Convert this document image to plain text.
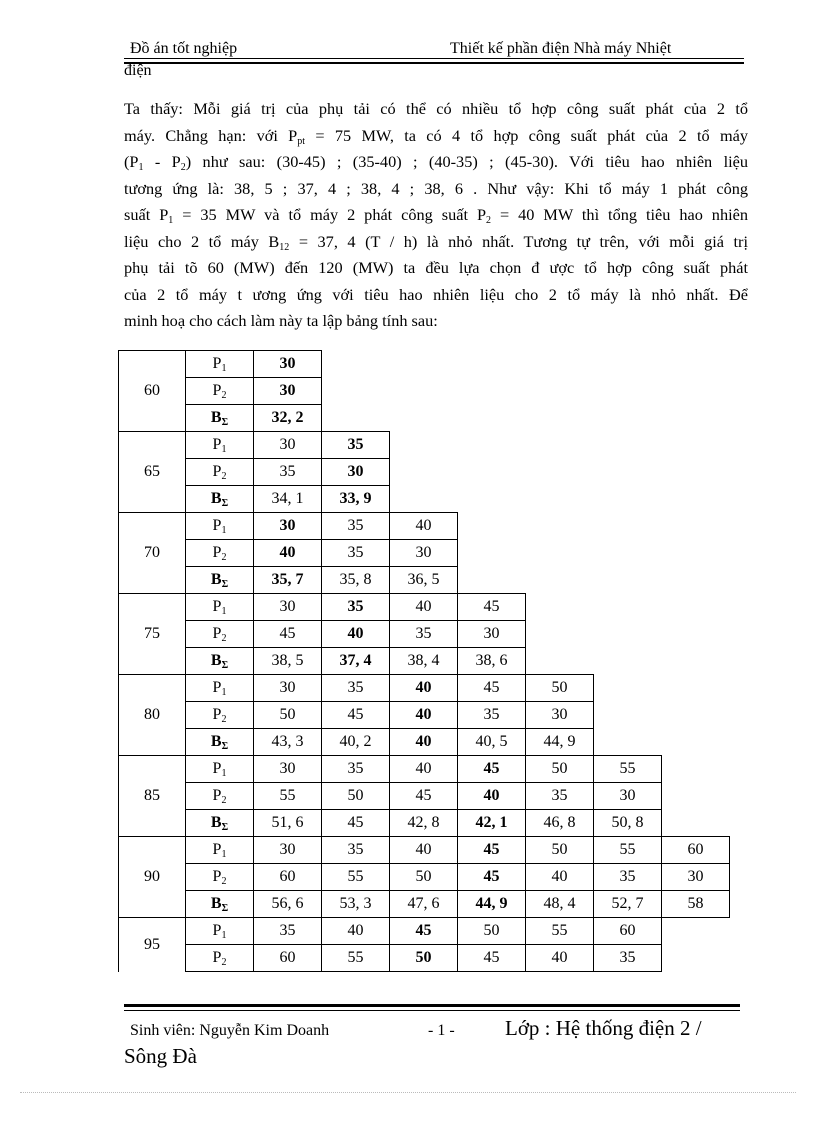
Đồ án tốt nghiệp	Thiết kế phần điện Nhà máy Nhiệt
điện
Ta thấy: Mỗi giá trị của phụ tải có thể có nhiều tổ hợp công suất phát của 2 tổ
máy. Chẳng hạn: với $P_{pt} = 75$ MW, ta có 4 tổ hợp công suất phát của 2 tổ máy
$(P_1 - P_2)$ như sau: (30-45) ; (35-40) ; (40-35) ; (45-30). Với tiêu hao nhiên liệu
tương ứng là: 38, 5 ; 37, 4 ; 38, 4 ; 38, 6 . Như vậy: Khi tổ máy 1 phát công
suất $P_1 = 35$ MW và tổ máy 2 phát công suất $P_2 = 40$ MW thì tổng tiêu hao nhiên
liệu cho 2 tổ máy $B_{12} = 37$, 4 (T / h) là nhỏ nhất. Tương tự trên, với mỗi giá trị
phụ tải tõ 60 (MW) đến 120 (MW) ta đều lựa chọn đ ược tổ hợp công suất phát
của 2 tổ máy t ương ứng với tiêu hao nhiên liệu cho 2 tổ máy là nhỏ nhất. Để
minh hoạ cho cách làm này ta lập bảng tính sau:
60	$P_1$	30						
	$P_2$	30						
	$B_\Sigma$	32, 2						
65	$P_1$	30	35					
	$P_2$	35	30					
	$B_\Sigma$	34, 1	33, 9					
70	$P_1$	30	35	40				
	$P_2$	40	35	30				
	$B_\Sigma$	35, 7	35, 8	36, 5				
75	$P_1$	30	35	40	45			
	$P_2$	45	40	35	30			
	$B_\Sigma$	38, 5	37, 4	38, 4	38, 6			
80	$P_1$	30	35	40	45	50		
	$P_2$	50	45	40	35	30		
	$B_\Sigma$	43, 3	40, 2	40	40, 5	44, 9		
85	$P_1$	30	35	40	45	50	55	
	$P_2$	55	50	45	40	35	30	
	$B_\Sigma$	51, 6	45	42, 8	42, 1	46, 8	50, 8	
90	$P_1$	30	35	40	45	50	55	60
	$P_2$	60	55	50	45	40	35	30
	$B_\Sigma$	56, 6	53, 3	47, 6	44, 9	48, 4	52, 7	58
95	$P_1$	35	40	45	50	55	60	
	$P_2$	60	55	50	45	40	35	
Sinh viên: Nguyễn Kim Doanh	- 1 - Lớp : Hệ thống điện 2 /
Sông Đà
